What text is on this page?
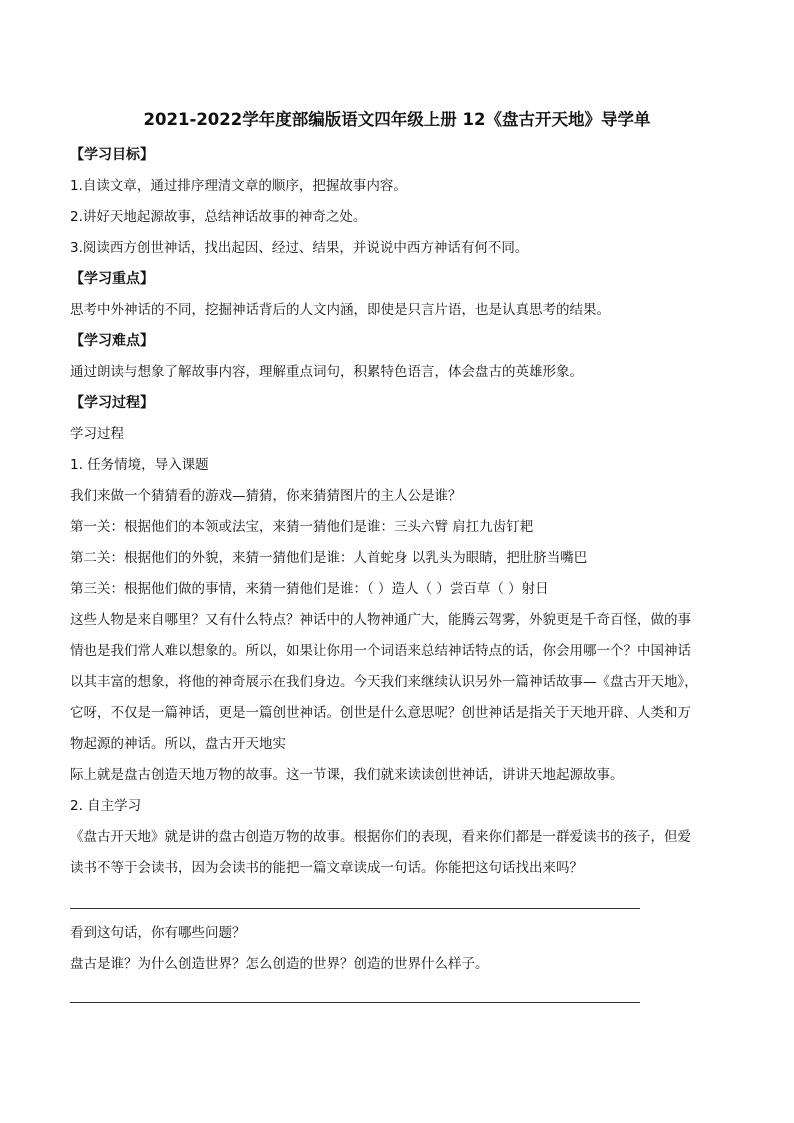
2021-2022学年度部编版语文四年级上册 12《盘古开天地》导学单
【学习目标】
1.自读文章，通过排序理清文章的顺序，把握故事内容。
2.讲好天地起源故事，总结神话故事的神奇之处。
3.阅读西方创世神话，找出起因、经过、结果，并说说中西方神话有何不同。
【学习重点】
思考中外神话的不同，挖掘神话背后的人文内涵，即使是只言片语，也是认真思考的结果。
【学习难点】
通过朗读与想象了解故事内容，理解重点词句，积累特色语言，体会盘古的英雄形象。
【学习过程】
学习过程
1. 任务情境，导入课题
我们来做一个猜猜看的游戏—猜猜，你来猜猜图片的主人公是谁？
第一关：根据他们的本领或法宝，来猜一猜他们是谁：三头六臂 肩扛九齿钉耙
第二关：根据他们的外貌，来猜一猜他们是谁：人首蛇身 以乳头为眼睛，把肚脐当嘴巴
第三关：根据他们做的事情，来猜一猜他们是谁：（ ）造人（ ）尝百草（ ）射日
这些人物是来自哪里？又有什么特点？神话中的人物神通广大，能腾云驾雾，外貌更是千奇百怪，做的事
情也是我们常人难以想象的。所以，如果让你用一个词语来总结神话特点的话，你会用哪一个？中国神话
以其丰富的想象，将他的神奇展示在我们身边。今天我们来继续认识另外一篇神话故事—《盘古开天地》，
它呀，不仅是一篇神话，更是一篇创世神话。创世是什么意思呢？创世神话是指关于天地开辟、人类和万
物起源的神话。所以，盘古开天地实
际上就是盘古创造天地万物的故事。这一节课，我们就来读读创世神话，讲讲天地起源故事。
2. 自主学习
《盘古开天地》就是讲的盘古创造万物的故事。根据你们的表现，看来你们都是一群爱读书的孩子，但爱
读书不等于会读书，因为会读书的能把一篇文章读成一句话。你能把这句话找出来吗？
看到这句话，你有哪些问题？
盘古是谁？为什么创造世界？怎么创造的世界？创造的世界什么样子。
